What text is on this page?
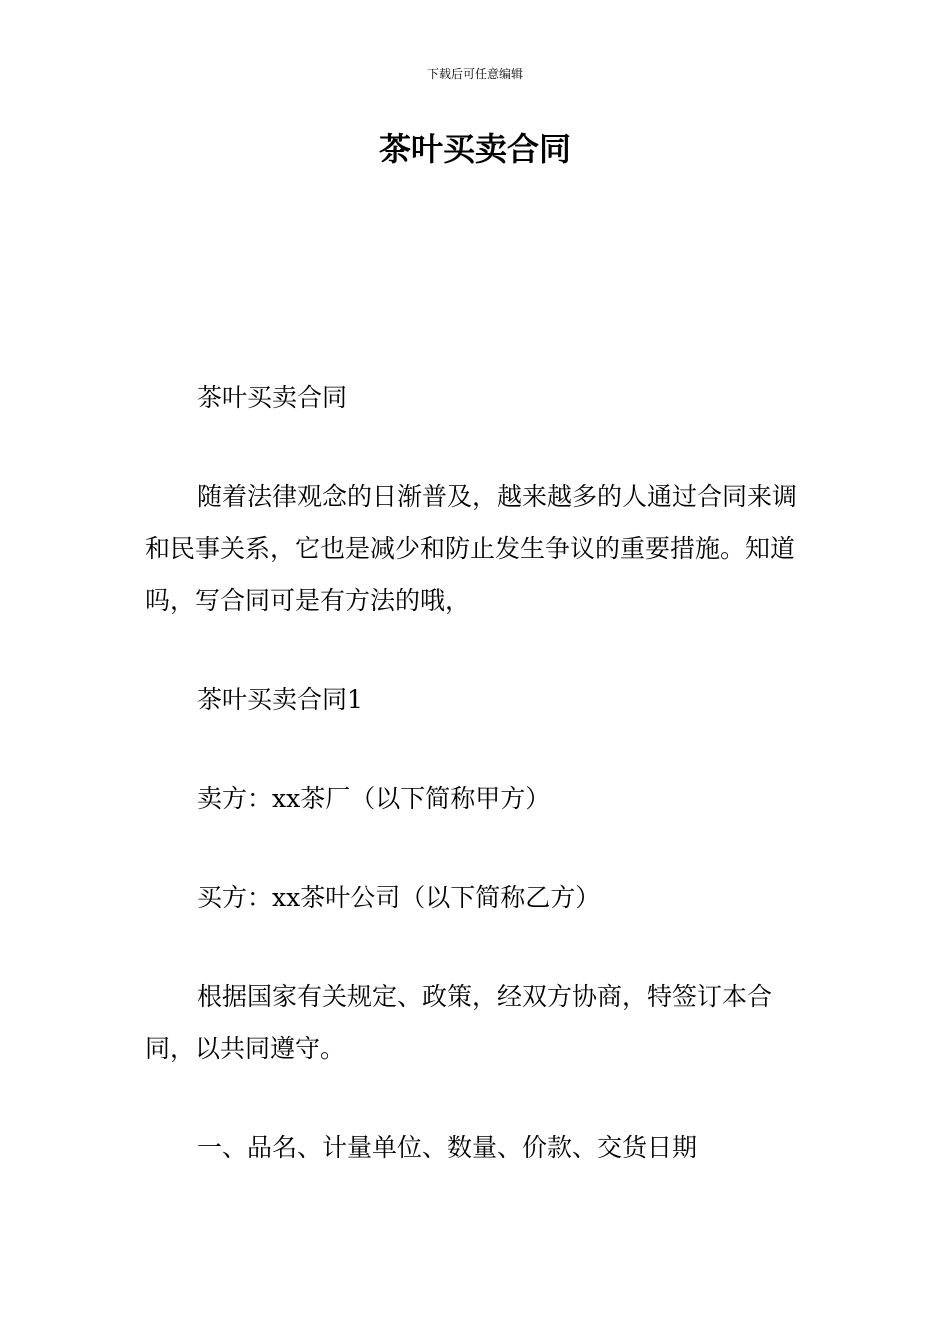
下载后可任意编辑
茶叶买卖合同

茶叶买卖合同

随着法律观念的日渐普及，越来越多的人通过合同来调和民事关系，它也是减少和防止发生争议的重要措施。知道吗，写合同可是有方法的哦，

茶叶买卖合同1

卖方：xx茶厂（以下简称甲方）

买方：xx茶叶公司（以下简称乙方）

根据国家有关规定、政策，经双方协商，特签订本合同，以共同遵守。

一、品名、计量单位、数量、价款、交货日期
